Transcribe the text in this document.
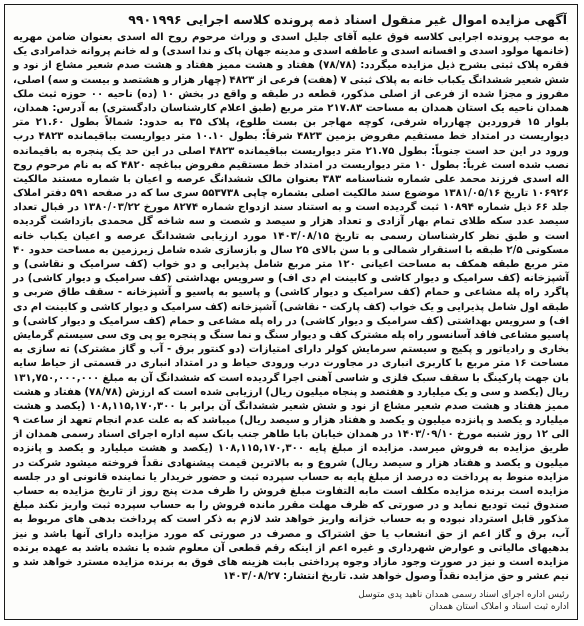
آگهی مزایده اموال غیر منقول اسناد ذمه پرونده کلاسه اجرایی ۹۹۰۱۹۹۶

به موجب پرونده اجرایی کلاسه فوق علیه آقای جلیل اسدی و وراث مرحوم روح اله اسدی بعنوان ضامن مهریه (خانمها مولود اسدی و افسانه اسدی و عاطفه اسدی و مدینه جهان پاک و ندا اسدی) و له خانم پروانه خدامرادی یک فقره پلاک ثبتی بشرح ذیل مزایده میگردد: (۷۸/۷۸) هفتاد و هشت مميز هفتاد و هشت صدم شعیر مشاع از نود و شش شعیر ششدانگ یکباب خانه به پلاک ثبتی ۷ (هفت) فرعی از ۴۸۲۳ (چهار هزار و هشتصد و بیست و سه) اصلی، مفروز و مجزا شده از فرعی از اصلی مذکور، قطعه در طبقه و واقع در بخش ۱۰ (ده) ناحیه ۰۰ حوزه ثبت ملک همدان ناحیه یک استان همدان به مساحت ۲۱۷.۸۳ متر مربع (طبق اعلام کارشناسان دادگستری) به آدرس: همدان، بلوار ۱۵ فروردین چهارراه شرفی، کوچه مهاجر بن بست طلوع، پلاک ۳۵ به حدود: شمالاً بطول ۲۱.۶۰ متر دیواریست در امتداد خط مستقیم مفروض بزمین ۴۸۲۳ شرقاً: بطول ۱۰.۱۰ متر دیواریست بباقیمانده ۴۸۲۳ درب ورود در این حد است جنوباً: بطول ۲۱.۷۵ متر دیواریست بباقیمانده ۴۸۲۳ اصلی در این حد یک پنجره به باقیمانده نصب شده است غرباً: بطول ۱۰ متر دیواریست در امتداد خط مستقیم مفروض بباغچه ۴۸۲۰ که به نام مرحوم روح اله اسدی فرزند محمد علی شماره شناسنامه ۳۸۳ بعنوان مالک ششدانگ عرصه و اعیان با شماره مستند مالکیت ۱۰۶۹۲۶ تاریخ ۱۳۸۱/۰۵/۱۶ موضوع سند مالکیت اصلی بشماره چاپی ۵۵۳۷۳۸ سری سا که در صفحه ۵۹۱ دفتر املاک جلد ۶۶ ذیل شماره ۱۰۸۹۴ ثبت گردیده است و به استناد سند ازدواج شماره ۸۲۷۴ مورخ ۱۳۸۰/۰۳/۲۲ در قبال تعداد سیصد عدد سکه طلای تمام بهار آزادی و تعداد هزار و سیصد و شصت و سه شاخه گل محمدی بازداشت گردیده است و طبق نظر کارشناسان رسمی به تاریخ ۱۴۰۳/۰۸/۱۵ مورد ارزیابی ششدانگ عرصه و اعیان یکباب خانه مسکونی ۲/۵ طبقه با استقرار شمالی و با سن بالای ۲۵ سال و بازسازی شده شامل زیرزمین به مساحت حدود ۴۰ متر مربع طبقه همکف به مساحت اعیانی ۱۲۰ متر مربع شامل پذیرایی و دو خواب (کف سرامیک و نقاشی) و آشپزخانه (کف سرامیک و دیوار کاشی و کابینت ام دی اف) و سرویس بهداشتی (کف سرامیک و دیوار کاشی) در پاگرد راه پله مشاعی و حمام (کف سرامیک و دیوار کاشی) و پاسیو به پاسیو و آشپزخانه - سقف طاق ضربی و طبقه اول شامل پذیرایی و یک خواب (کف پارکت - نقاشی) آشپزخانه (کف سرامیک و دیوار کاشی و کابینت ام دی اف) و سرویس بهداشتی (کف سرامیک و دیوار کاشی) در راه پله مشاعی و حمام (کف سرامیک و دیوار کاشی) و پاسیو مشاعی فاقد آسانسور راه پله مشترک کف و دیوار سنگ و نما سنگ و پنجره یو پی وی سی سیستم گرمایش بخاری و رادیاتور و پکیج و سیستم سرمایش کولر دارای امتیازات (دو کنتور برق - آب و گاز مشترک) ته سازی به مساحت ۱۶ متر مربع با کاربری انباری در مجاورت درب ورودی حیاط و در امتداد انباری در قسمتی از حیاط سایه بان جهت پارکینگ با سقف سبک فلزی و شاسی آهنی اجرا گردیده است که ششدانگ آن به مبلغ ۱۳۱,۷۵۰,۰۰۰,۰۰۰ ریال (یکصد و سی و یک میلیارد و هفتصد و پنجاه میلیون ریال) ارزیابی شده است که ارزش (۷۸/۷۸) هفتاد و هشت مميز هفتاد و هشت صدم شعیر مشاع از نود و شش شعیر ششدانگ آن برابر با ۱۰۸,۱۱۵,۱۷۰,۳۰۰ (یکصد و هشت میلیارد و یکصد و پانزده میلیون و یکصد و هفتاد هزار و سیصد ریال) میباشد که به علت عدم انجام تعهد از ساعت ۹ الی ۱۲ روز شنبه مورخ ۱۴۰۳/۰۹/۱۰ در همدان خیابان بابا طاهر جنب بانک سپه اداره اجرای اسناد رسمی همدان از طریق مزایده به فروش میرسد. مزایده از مبلغ پایه ۱۰۸,۱۱۵,۱۷۰,۳۰۰ (یکصد و هشت میلیارد و یکصد و پانزده میلیون و یکصد و هفتاد هزار و سیصد ریال) شروع و به بالاترین قیمت پیشنهادی نقداً فروخته میشود شرکت در مزایده منوط به پرداخت ده درصد از مبلغ پایه به حساب سپرده ثبت و حضور خریدار یا نماینده قانونی او در جلسه مزایده است برنده مزایده مکلف است مابه التفاوت مبلغ فروش را ظرف مدت پنج روز از تاریخ مزایده به حساب صندوق ثبت تودیع نماید و در صورتی که ظرف مهلت مقرر مانده فروش را به حساب سپرده ثبت واریز نکند مبلغ مذکور قابل استرداد نبوده و به حساب خزانه واریز خواهد شد لازم به ذکر است که پرداخت بدهی های مربوط به آب، برق و گاز اعم از حق انشعاب یا حق اشتراک و مصرف در صورتی که مورد مزایده دارای آنها باشد و نیز بدهیهای مالیاتی و عوارض شهرداری و غیره اعم از اینکه رقم قطعی آن معلوم شده یا نشده باشد به عهده برنده مزایده است و نیز در صورت وجود مازاد وجوه پرداختی بابت هزینه های فوق به برنده مزایده مسترد خواهد شد و نیم عشر و حق مزایده نقداً وصول خواهد شد. تاریخ انتشار: ۱۴۰۳/۰۸/۲۷

رئیس اداره اجرای اسناد رسمی همدان ناهید پدی متوسل
اداره ثبت اسناد و املاک استان همدان
